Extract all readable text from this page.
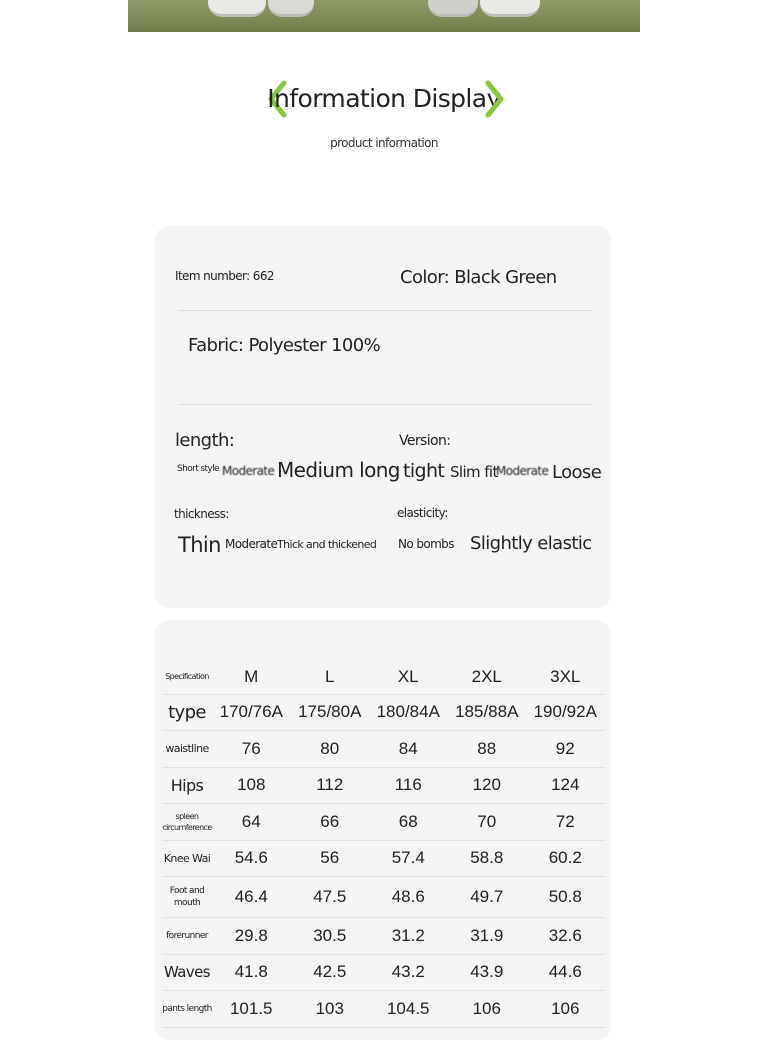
Information Display
product information
Item number: 662	Color: Black Green
Fabric: Polyester 100%
length:
Short style Moderate Medium long
Version:
tight Slim fit
Moderate Loose
thickness:
Thin Moderate Thick and thickened
elasticity:
No bombs Slightly elastic
Specification	M	L	XL	2XL	3XL
type	170/76A	175/80A	180/84A	185/88A	190/92A
waistline	76	80	84	88	92
Hips	108	112	116	120	124
spleen circumference	64	66	68	70	72
Knee Wai	54.6	56	57.4	58.8	60.2
Foot and mouth	46.4	47.5	48.6	49.7	50.8
forerunner	29.8	30.5	31.2	31.9	32.6
Waves	41.8	42.5	43.2	43.9	44.6
pants length	101.5	103	104.5	106	106
